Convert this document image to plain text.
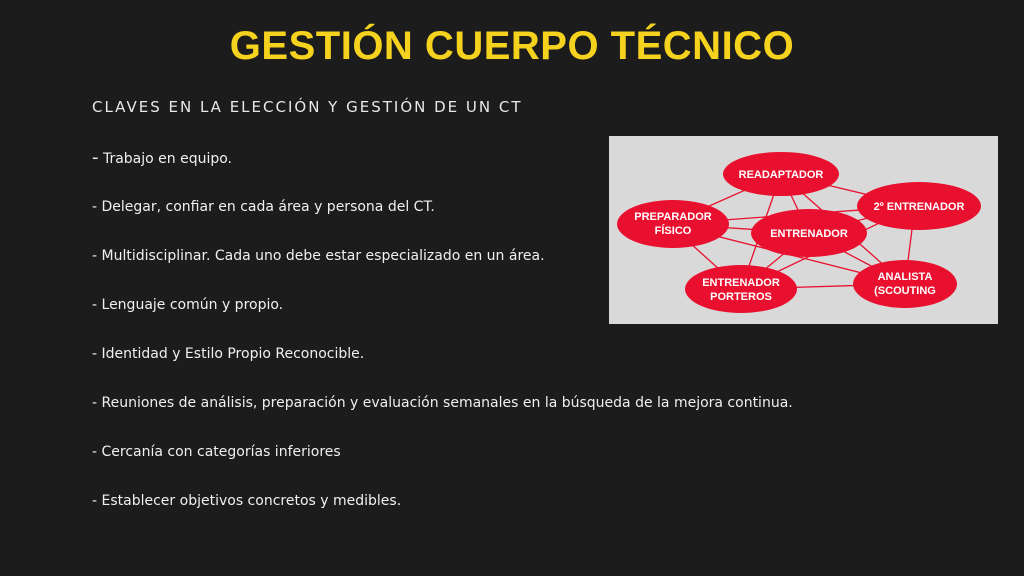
GESTIÓN CUERPO TÉCNICO
CLAVES EN LA ELECCIÓN Y GESTIÓN DE UN CT
- Trabajo en equipo.
- Delegar, confiar en cada área y persona del CT.
- Multidisciplinar. Cada uno debe estar especializado en un área.
- Lenguaje común y propio.
- Identidad y Estilo Propio Reconocible.
- Reuniones de análisis, preparación y evaluación semanales en la búsqueda de la mejora continua.
- Cercanía con categorías inferiores
- Establecer objetivos concretos y medibles.
READAPTADOR
2º ENTRENADOR
PREPARADOR
FÍSICO	ENTRENADOR
ENTRENADOR
PORTEROS
ANALISTA
(SCOUTING
